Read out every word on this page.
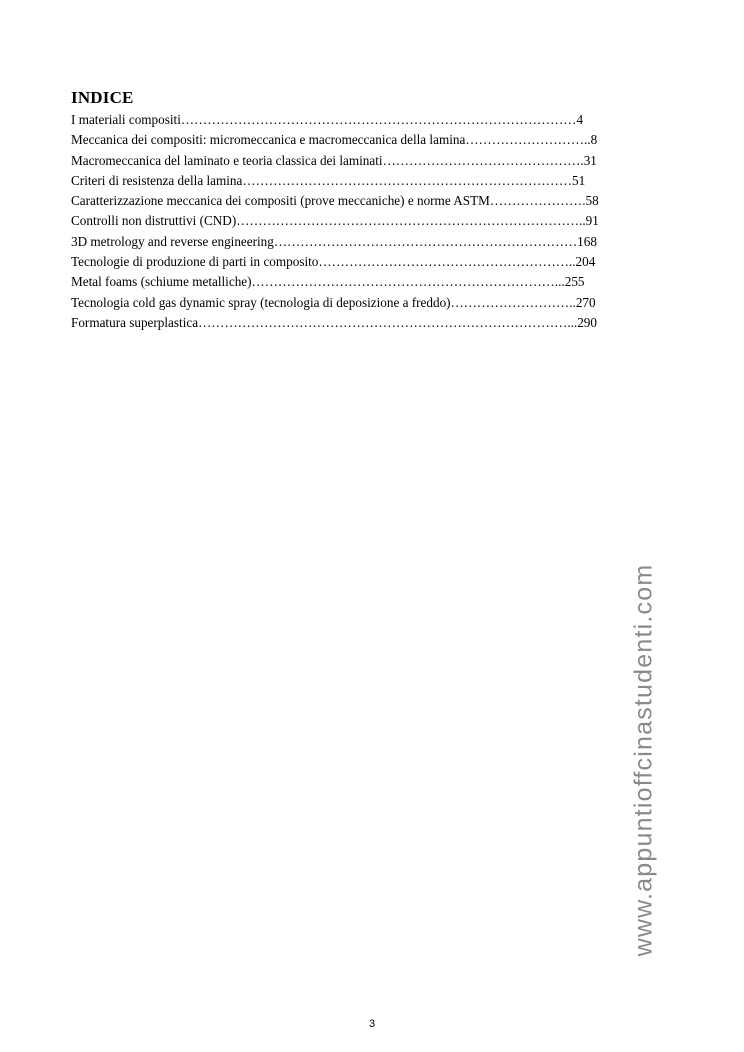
INDICE
I materiali compositi………………………………………………………………………………4
Meccanica dei compositi: micromeccanica e macromeccanica della lamina………………………..8
Macromeccanica del laminato e teoria classica dei laminati……………………………………….31
Criteri di resistenza della lamina…………………………………………………………………51
Caratterizzazione meccanica dei compositi (prove meccaniche) e norme ASTM………………….58
Controlli non distruttivi (CND)……………………………………………………………………..91
3D metrology and reverse engineering……………………………………………………………168
Tecnologie di produzione di parti in composito…………………………………………………..204
Metal foams (schiume metalliche)……………………………………………………………...255
Tecnologia cold gas dynamic spray (tecnologia di deposizione a freddo)………………………..270
Formatura superplastica…………………………………………………………………………...290
www.appuntioffcinastudenti.com
3
